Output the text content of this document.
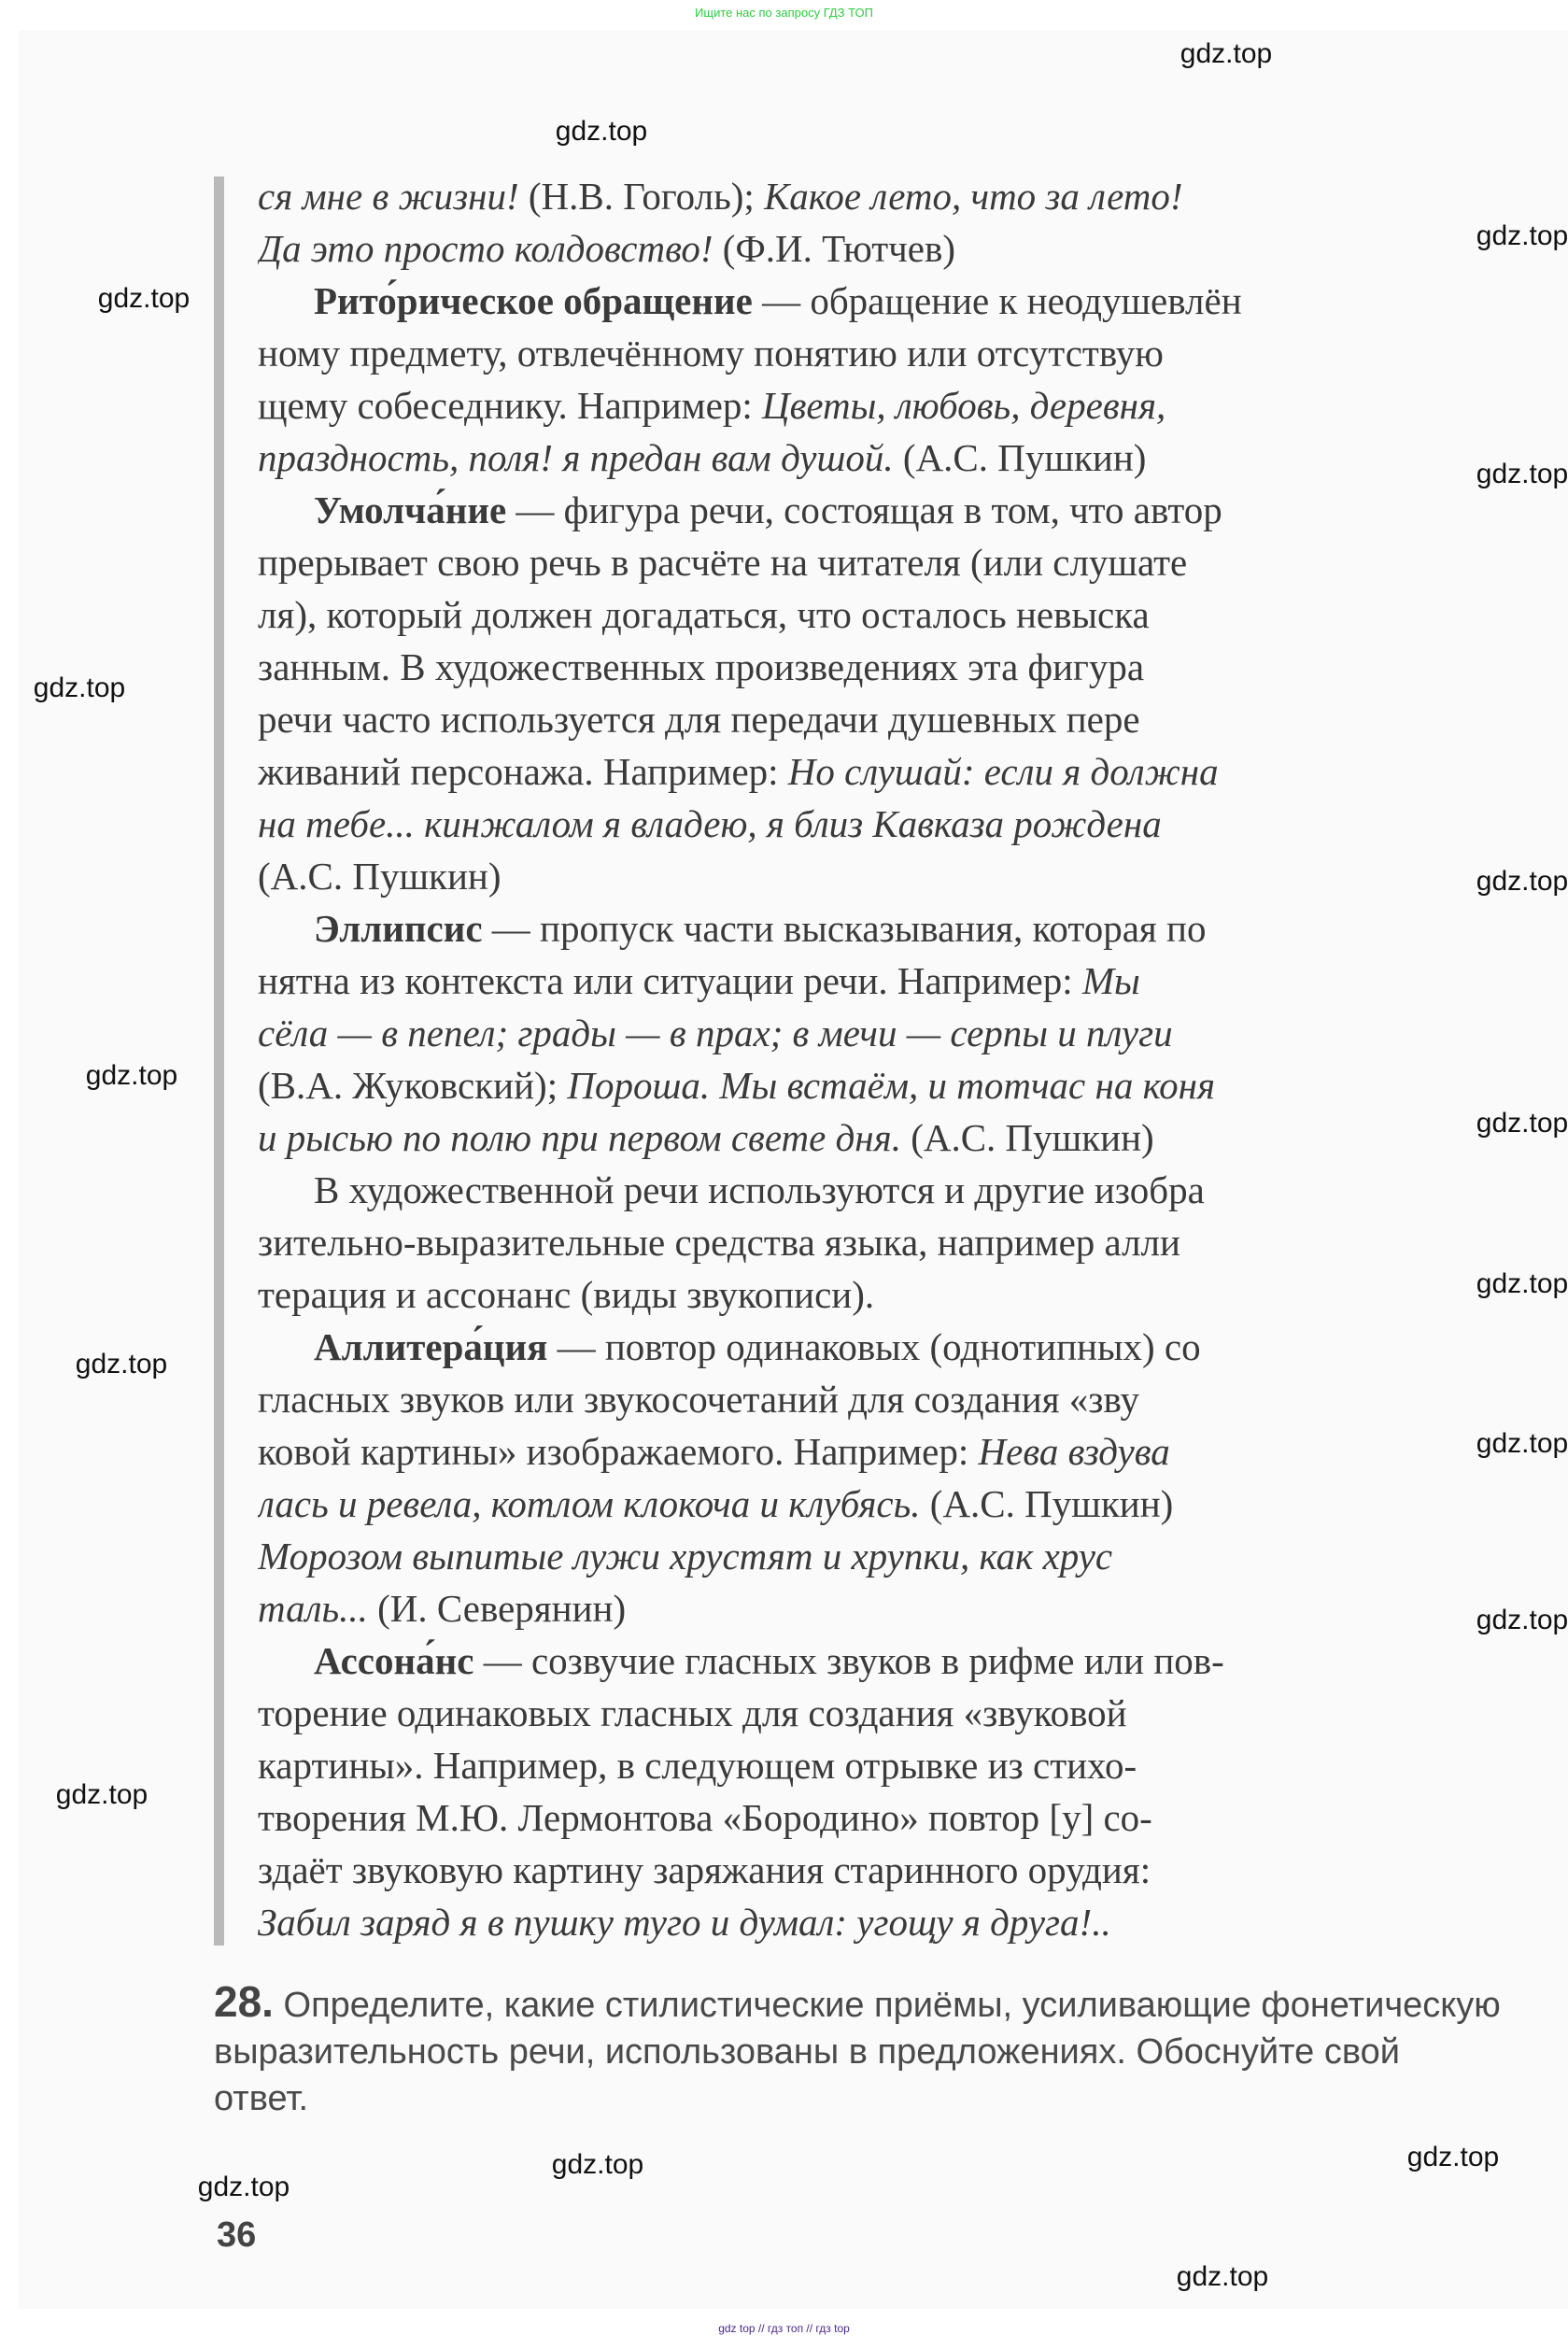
Ищите нас по запросу ГДЗ ТОП
ся мне в жизни! (Н.В. Гоголь); Какое лето, что за лето!
Да это просто колдовство! (Ф.И. Тютчев)
Рито́рическое обращение — обращение к неодушевлён
ному предмету, отвлечённому понятию или отсутствую
щему собеседнику. Например: Цветы, любовь, деревня,
праздность, поля! я предан вам душой. (А.С. Пушкин)
Умолча́ние — фигура речи, состоящая в том, что автор
прерывает свою речь в расчёте на читателя (или слушате
ля), который должен догадаться, что осталось невыска
занным. В художественных произведениях эта фигура
речи часто используется для передачи душевных пере
живаний персонажа. Например: Но слушай: если я должна
на тебе... кинжалом я владею, я близ Кавказа рождена
(А.С. Пушкин)
Эллипсис — пропуск части высказывания, которая по
нятна из контекста или ситуации речи. Например: Мы
сёла — в пепел; грады — в прах; в мечи — серпы и плуги
(В.А. Жуковский); Пороша. Мы встаём, и тотчас на коня
и рысью по полю при первом свете дня. (А.С. Пушкин)
В художественной речи используются и другие изобра
зительно-выразительные средства языка, например алли
терация и ассонанс (виды звукописи).
Аллитера́ция — повтор одинаковых (однотипных) со
гласных звуков или звукосочетаний для создания «зву
ковой картины» изображаемого. Например: Нева вздува
лась и ревела, котлом клокоча и клубясь. (А.С. Пушкин)
Морозом выпитые лужи хрустят и хрупки, как хрус
таль... (И. Северянин)
Ассона́нс — созвучие гласных звуков в рифме или пов-
торение одинаковых гласных для создания «звуковой
картины». Например, в следующем отрывке из стихо-
творения М.Ю. Лермонтова «Бородино» повтор [у] со-
здаёт звуковую картину заряжания старинного орудия:
Забил заряд я в пушку туго и думал: угощу я друга!..
28. Определите, какие стилистические приёмы, усиливающие фонетическую выразительность речи, использованы в предложениях. Обоснуйте свой ответ.
36
gdz.top
gdz.top
gdz.top
gdz.top
gdz.top
gdz.top
gdz.top
gdz.top
gdz.top
gdz.top
gdz.top
gdz.top
gdz.top
gdz.top
gdz.top
gdz.top
gdz.top
gdz.top
gdz top // гдз топ // гдз top
